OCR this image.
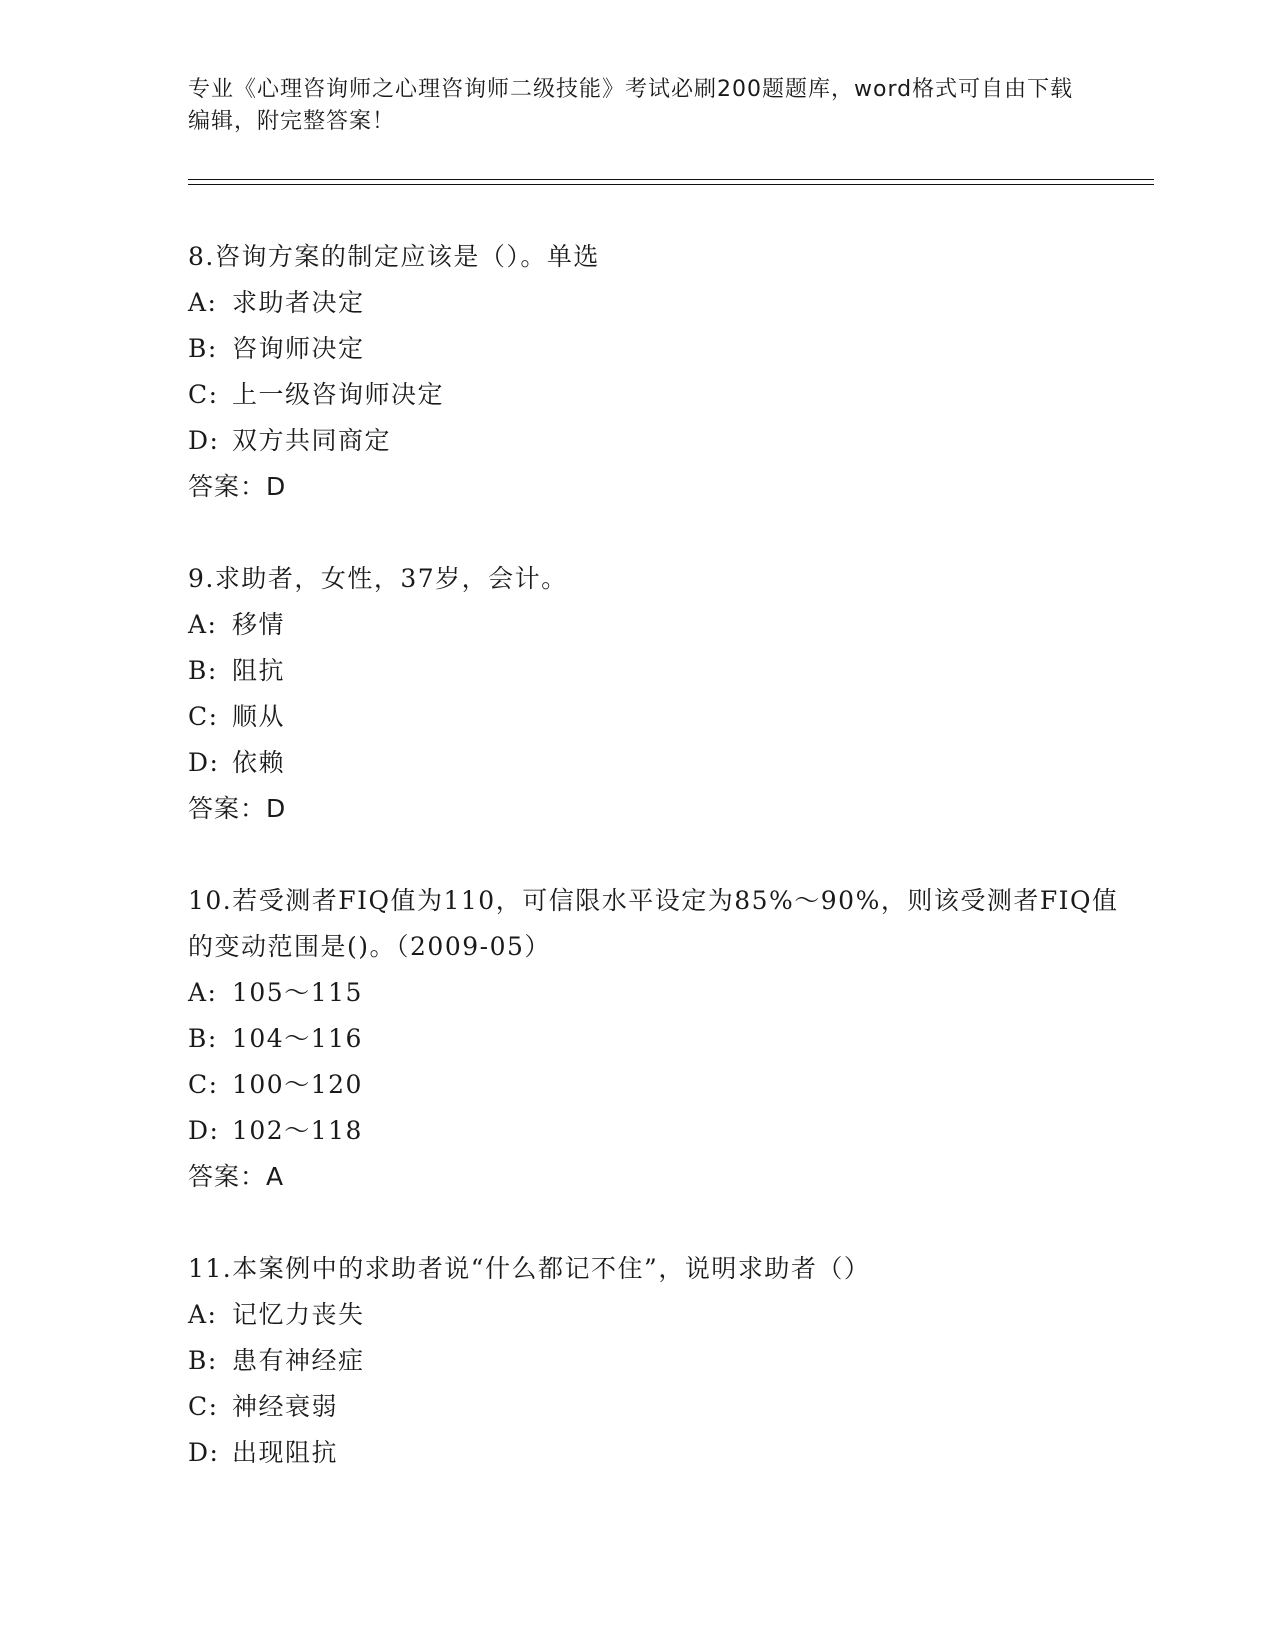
专业《心理咨询师之心理咨询师二级技能》考试必刷200题题库，word格式可自由下载编辑，附完整答案！
8.咨询方案的制定应该是（）。单选
A: 求助者决定
B: 咨询师决定
C: 上一级咨询师决定
D: 双方共同商定
答案：D
9.求助者，女性，37岁，会计。
A: 移情
B: 阻抗
C: 顺从
D: 依赖
答案：D
10.若受测者FIQ值为110，可信限水平设定为85%～90%，则该受测者FIQ值的变动范围是()。（2009-05）
A: 105～115
B: 104～116
C: 100～120
D: 102～118
答案：A
11.本案例中的求助者说“什么都记不住”，说明求助者（）
A: 记忆力丧失
B: 患有神经症
C: 神经衰弱
D: 出现阻抗
